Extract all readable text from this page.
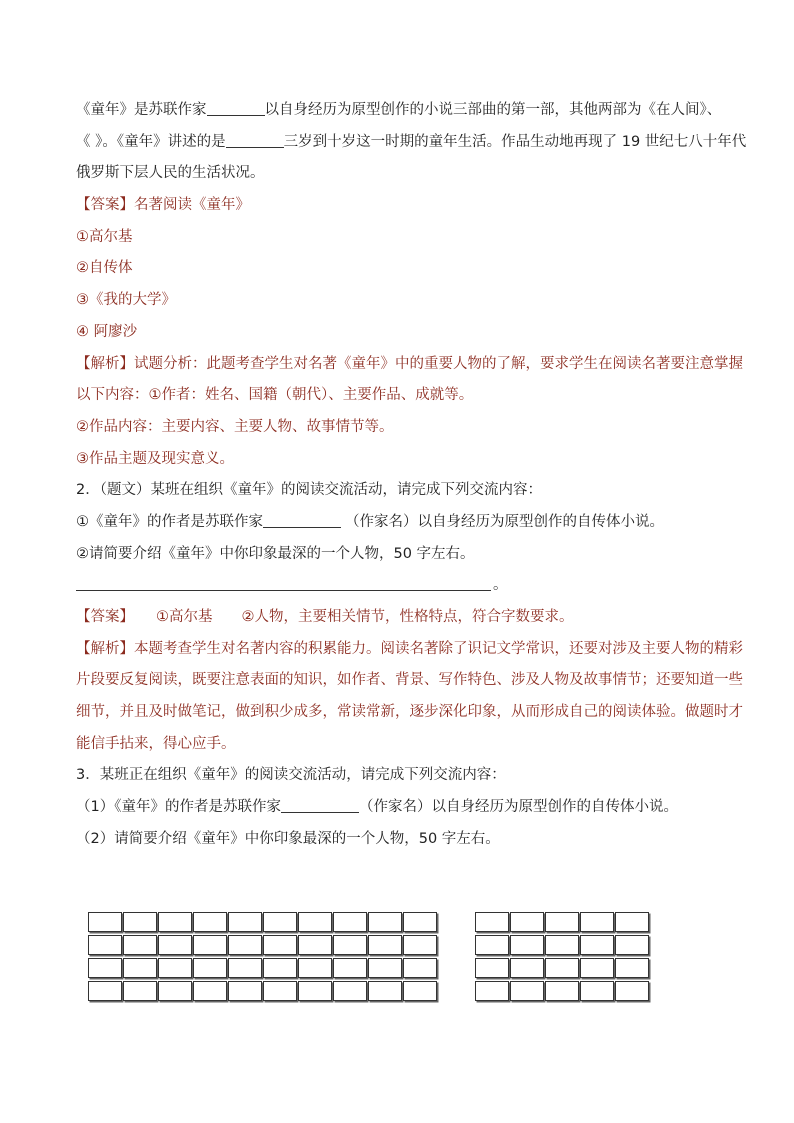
《童年》是苏联作家	以自身经历为原型创作的小说三部曲的第一部，其他两部为《在人间》、
《 》。《童年》讲述的是	三岁到十岁这一时期的童年生活。作品生动地再现了 19 世纪七八十年代
俄罗斯下层人民的生活状况。
【答案】名著阅读《童年》
①高尔基
②自传体
③《我的大学》
④ 阿廖沙
【解析】试题分析：此题考查学生对名著《童年》中的重要人物的了解，要求学生在阅读名著要注意掌握
以下内容：①作者：姓名、国籍（朝代）、主要作品、成就等。
②作品内容：主要内容、主要人物、故事情节等。
③作品主题及现实意义。
2．（题文）某班在组织《童年》的阅读交流活动，请完成下列交流内容：
①《童年》的作者是苏联作家	（作家名）以自身经历为原型创作的自传体小说。
②请简要介绍《童年》中你印象最深的一个人物，50 字左右。
。
【答案】 ①高尔基　　②人物，主要相关情节，性格特点，符合字数要求。
【解析】本题考查学生对名著内容的积累能力。阅读名著除了识记文学常识，还要对涉及主要人物的精彩
片段要反复阅读，既要注意表面的知识，如作者、背景、写作特色、涉及人物及故事情节；还要知道一些
细节，并且及时做笔记，做到积少成多，常读常新，逐步深化印象，从而形成自己的阅读体验。做题时才
能信手拈来，得心应手。
3．某班正在组织《童年》的阅读交流活动，请完成下列交流内容：
（1）《童年》的作者是苏联作家	（作家名）以自身经历为原型创作的自传体小说。
（2）请简要介绍《童年》中你印象最深的一个人物，50 字左右。
